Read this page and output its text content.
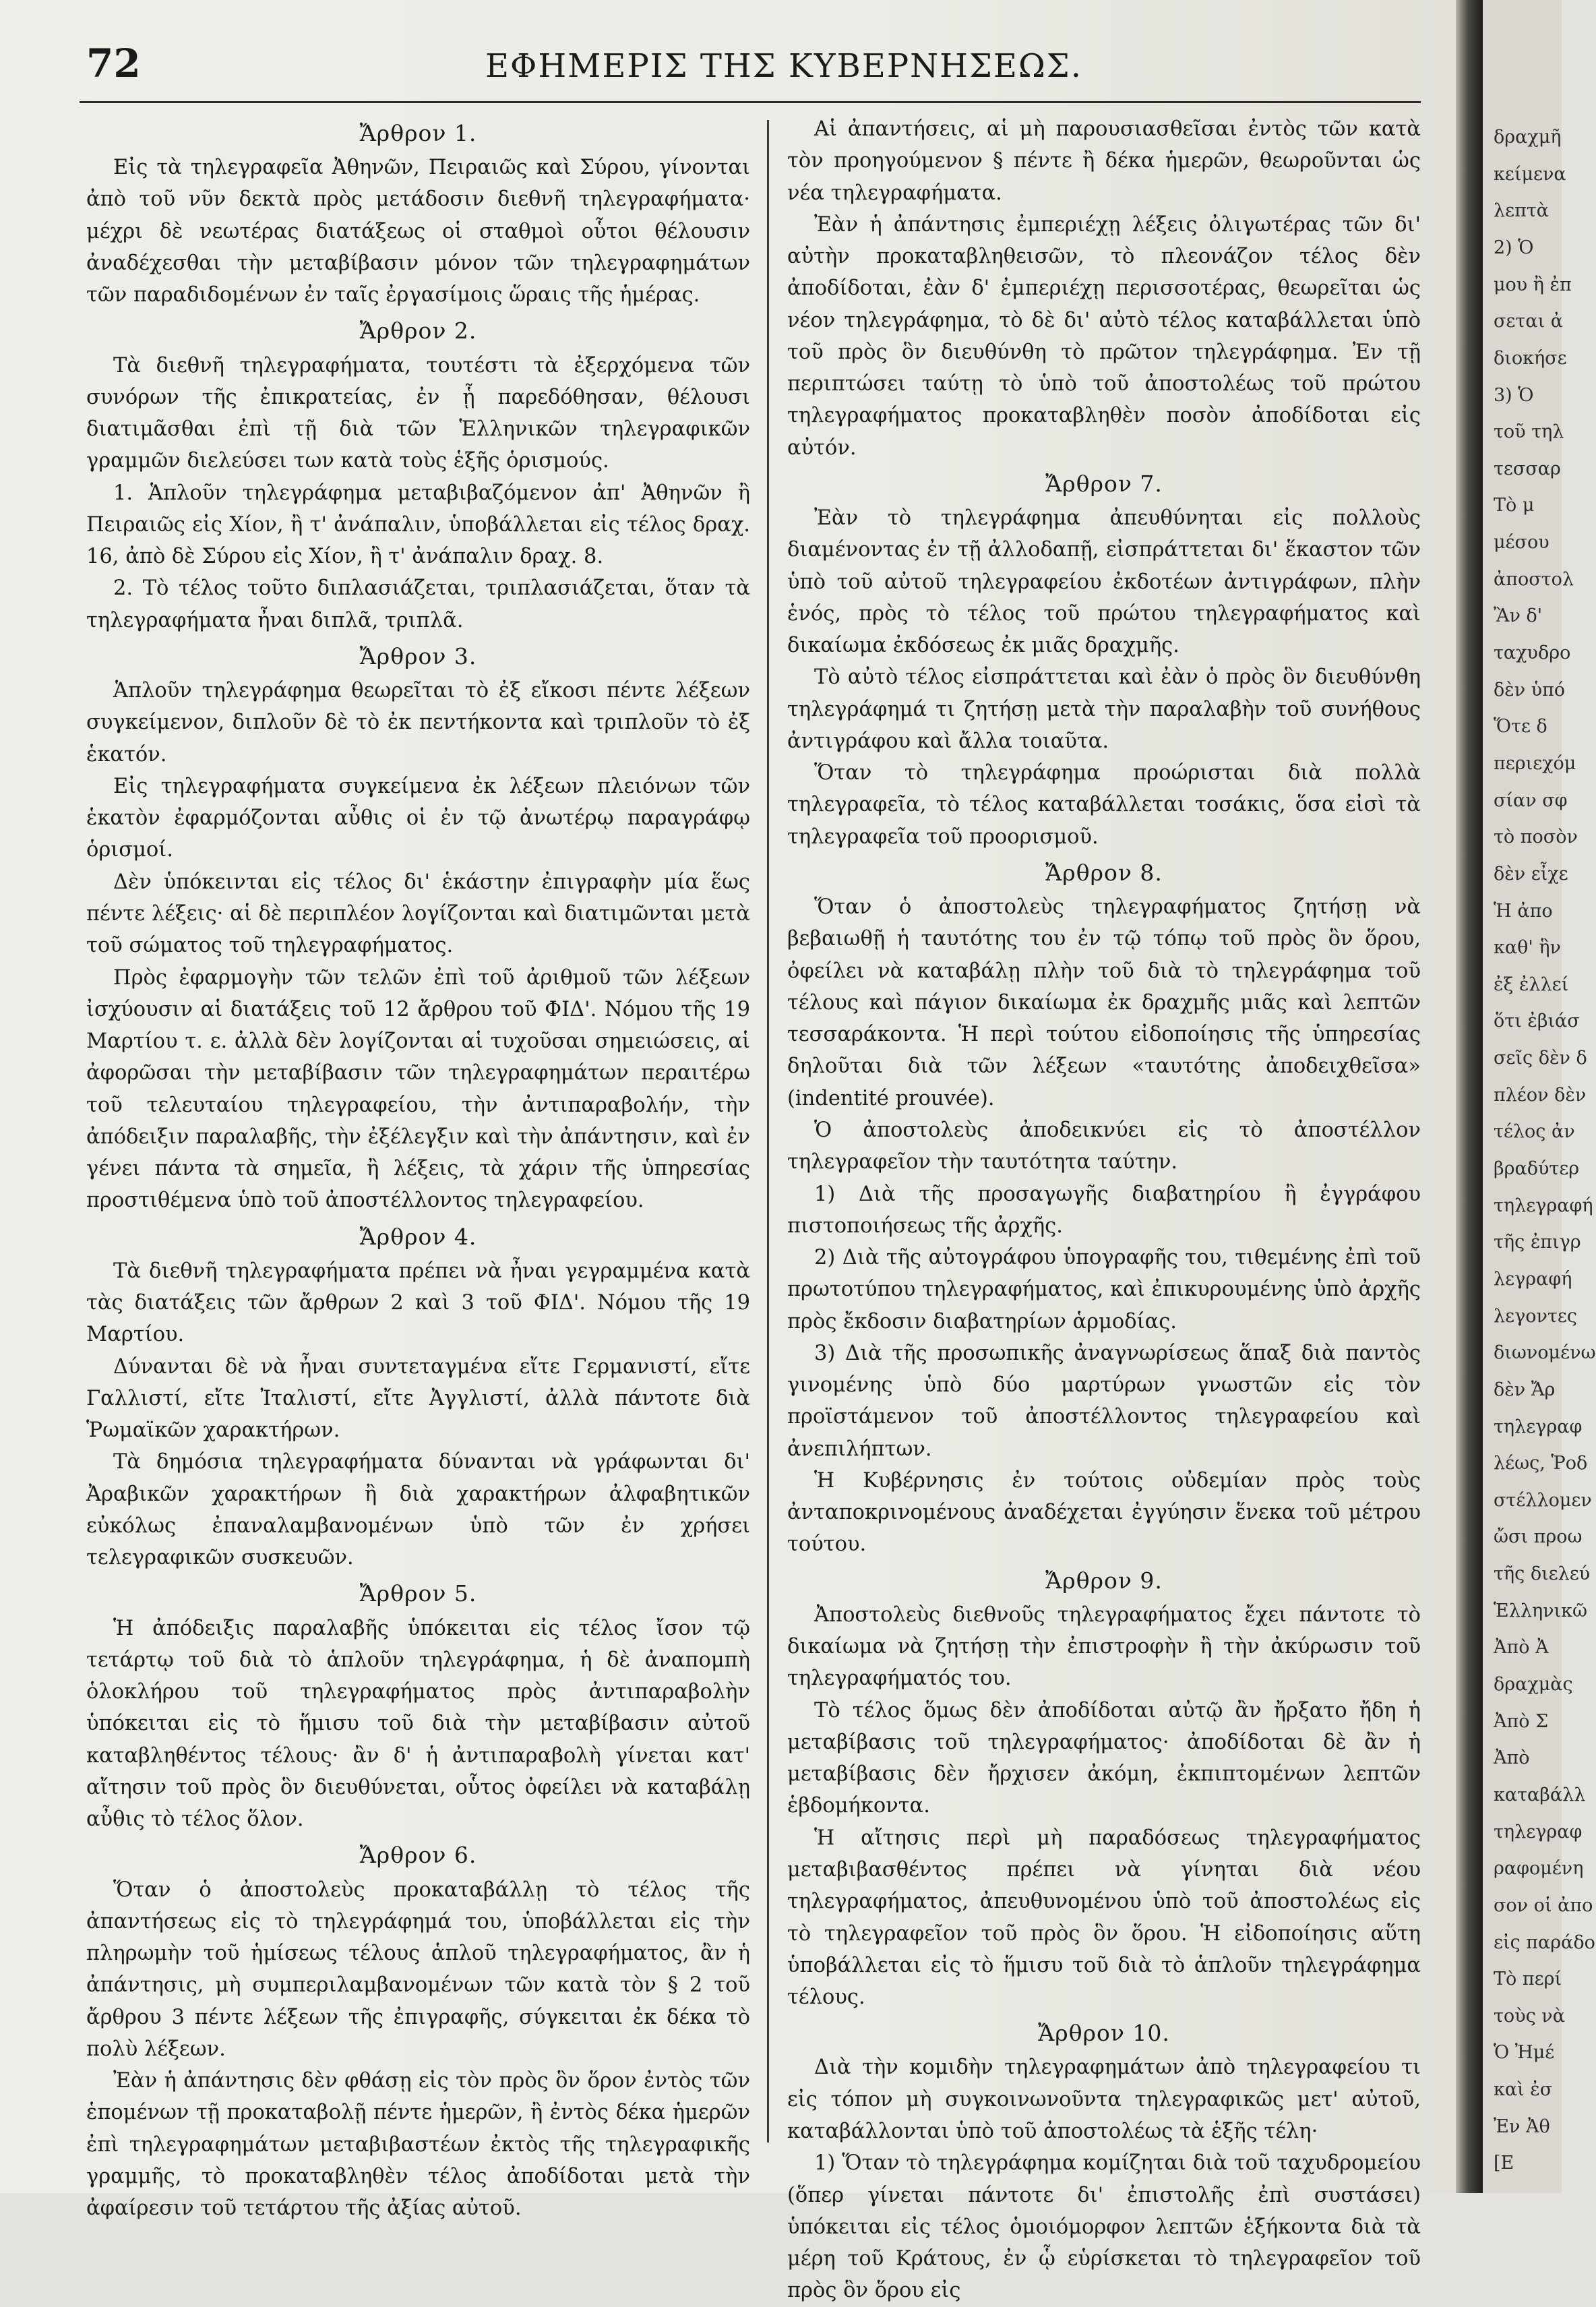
72	ΕΦΗΜΕΡΙΣ ΤΗΣ ΚΥΒΕΡΝΗΣΕΩΣ.
Ἄρθρον 1.

Εἰς τὰ τηλεγραφεῖα Ἀθηνῶν, Πειραιῶς καὶ Σύρου, γίνονται ἀπὸ τοῦ νῦν δεκτὰ πρὸς μετάδοσιν διεθνῆ τηλεγραφήματα· μέχρι δὲ νεωτέρας διατάξεως οἱ σταθμοὶ οὗτοι θέλουσιν ἀναδέχεσθαι τὴν μεταβίβασιν μόνον τῶν τηλεγραφημάτων τῶν παραδιδομένων ἐν ταῖς ἐργασίμοις ὥραις τῆς ἡμέρας.

Ἄρθρον 2.

Τὰ διεθνῆ τηλεγραφήματα, τουτέστι τὰ ἐξερχόμενα τῶν συνόρων τῆς ἐπικρατείας, ἐν ᾗ παρεδόθησαν, θέλουσι διατιμᾶσθαι ἐπὶ τῇ διὰ τῶν Ἑλληνικῶν τηλεγραφικῶν γραμμῶν διελεύσει των κατὰ τοὺς ἑξῆς ὁρισμούς.

1. Ἁπλοῦν τηλεγράφημα μεταβιβαζόμενον ἀπ' Ἀθηνῶν ἢ Πειραιῶς εἰς Χίον, ἢ τ' ἀνάπαλιν, ὑποβάλλεται εἰς τέλος δραχ. 16, ἀπὸ δὲ Σύρου εἰς Χίον, ἢ τ' ἀνάπαλιν δραχ. 8.

2. Τὸ τέλος τοῦτο διπλασιάζεται, τριπλασιάζεται, ὅταν τὰ τηλεγραφήματα ἦναι διπλᾶ, τριπλᾶ.

Ἄρθρον 3.

Ἁπλοῦν τηλεγράφημα θεωρεῖται τὸ ἐξ εἴκοσι πέντε λέξεων συγκείμενον, διπλοῦν δὲ τὸ ἐκ πεντήκοντα καὶ τριπλοῦν τὸ ἐξ ἑκατόν.

Εἰς τηλεγραφήματα συγκείμενα ἐκ λέξεων πλειόνων τῶν ἑκατὸν ἐφαρμόζονται αὖθις οἱ ἐν τῷ ἀνωτέρῳ παραγράφῳ ὁρισμοί.

Δὲν ὑπόκεινται εἰς τέλος δι' ἑκάστην ἐπιγραφὴν μία ἕως πέντε λέξεις· αἱ δὲ περιπλέον λογίζονται καὶ διατιμῶνται μετὰ τοῦ σώματος τοῦ τηλεγραφήματος.

Πρὸς ἐφαρμογὴν τῶν τελῶν ἐπὶ τοῦ ἀριθμοῦ τῶν λέξεων ἰσχύουσιν αἱ διατάξεις τοῦ 12 ἄρθρου τοῦ ΦΙΔ'. Νόμου τῆς 19 Μαρτίου τ. ε. ἀλλὰ δὲν λογίζονται αἱ τυχοῦσαι σημειώσεις, αἱ ἀφορῶσαι τὴν μεταβίβασιν τῶν τηλεγραφημάτων περαιτέρω τοῦ τελευταίου τηλεγραφείου, τὴν ἀντιπαραβολήν, τὴν ἀπόδειξιν παραλαβῆς, τὴν ἐξέλεγξιν καὶ τὴν ἀπάντησιν, καὶ ἐν γένει πάντα τὰ σημεῖα, ἢ λέξεις, τὰ χάριν τῆς ὑπηρεσίας προστιθέμενα ὑπὸ τοῦ ἀποστέλλοντος τηλεγραφείου.

Ἄρθρον 4.

Τὰ διεθνῆ τηλεγραφήματα πρέπει νὰ ἦναι γεγραμμένα κατὰ τὰς διατάξεις τῶν ἄρθρων 2 καὶ 3 τοῦ ΦΙΔ'. Νόμου τῆς 19 Μαρτίου.

Δύνανται δὲ νὰ ἦναι συντεταγμένα εἴτε Γερμανιστί, εἴτε Γαλλιστί, εἴτε Ἰταλιστί, εἴτε Ἀγγλιστί, ἀλλὰ πάντοτε διὰ Ῥωμαϊκῶν χαρακτήρων.

Τὰ δημόσια τηλεγραφήματα δύνανται νὰ γράφωνται δι' Ἀραβικῶν χαρακτήρων ἢ διὰ χαρακτήρων ἀλφαβητικῶν εὐκόλως ἐπαναλαμβανομένων ὑπὸ τῶν ἐν χρήσει τελεγραφικῶν συσκευῶν.

Ἄρθρον 5.

Ἡ ἀπόδειξις παραλαβῆς ὑπόκειται εἰς τέλος ἴσον τῷ τετάρτῳ τοῦ διὰ τὸ ἁπλοῦν τηλεγράφημα, ἡ δὲ ἀναπομπὴ ὁλοκλήρου τοῦ τηλεγραφήματος πρὸς ἀντιπαραβολὴν ὑπόκειται εἰς τὸ ἥμισυ τοῦ διὰ τὴν μεταβίβασιν αὐτοῦ καταβληθέντος τέλους· ἂν δ' ἡ ἀντιπαραβολὴ γίνεται κατ' αἴτησιν τοῦ πρὸς ὃν διευθύνεται, οὗτος ὀφείλει νὰ καταβάλῃ αὖθις τὸ τέλος ὅλον.

Ἄρθρον 6.

Ὅταν ὁ ἀποστολεὺς προκαταβάλλῃ τὸ τέλος τῆς ἀπαντήσεως εἰς τὸ τηλεγράφημά του, ὑποβάλλεται εἰς τὴν πληρωμὴν τοῦ ἡμίσεως τέλους ἁπλοῦ τηλεγραφήματος, ἂν ἡ ἀπάντησις, μὴ συμπεριλαμβανομένων τῶν κατὰ τὸν § 2 τοῦ ἄρθρου 3 πέντε λέξεων τῆς ἐπιγραφῆς, σύγκειται ἐκ δέκα τὸ πολὺ λέξεων.

Ἐὰν ἡ ἀπάντησις δὲν φθάσῃ εἰς τὸν πρὸς ὃν ὅρον ἐντὸς τῶν ἑπομένων τῇ προκαταβολῇ πέντε ἡμερῶν, ἢ ἐντὸς δέκα ἡμερῶν ἐπὶ τηλεγραφημάτων μεταβιβαστέων ἐκτὸς τῆς τηλεγραφικῆς γραμμῆς, τὸ προκαταβληθὲν τέλος ἀποδίδοται μετὰ τὴν ἀφαίρεσιν τοῦ τετάρτου τῆς ἀξίας αὐτοῦ.

Αἱ ἀπαντήσεις, αἱ μὴ παρουσιασθεῖσαι ἐντὸς τῶν κατὰ τὸν προηγούμενον § πέντε ἢ δέκα ἡμερῶν, θεωροῦνται ὡς νέα τηλεγραφήματα.

Ἐὰν ἡ ἀπάντησις ἐμπεριέχῃ λέξεις ὀλιγωτέρας τῶν δι' αὐτὴν προκαταβληθεισῶν, τὸ πλεονάζον τέλος δὲν ἀποδίδοται, ἐὰν δ' ἐμπεριέχῃ περισσοτέρας, θεωρεῖται ὡς νέον τηλεγράφημα, τὸ δὲ δι' αὐτὸ τέλος καταβάλλεται ὑπὸ τοῦ πρὸς ὃν διευθύνθη τὸ πρῶτον τηλεγράφημα. Ἐν τῇ περιπτώσει ταύτῃ τὸ ὑπὸ τοῦ ἀποστολέως τοῦ πρώτου τηλεγραφήματος προκαταβληθὲν ποσὸν ἀποδίδοται εἰς αὐτόν.

Ἄρθρον 7.

Ἐὰν τὸ τηλεγράφημα ἀπευθύνηται εἰς πολλοὺς διαμένοντας ἐν τῇ ἀλλοδαπῇ, εἰσπράττεται δι' ἕκαστον τῶν ὑπὸ τοῦ αὐτοῦ τηλεγραφείου ἐκδοτέων ἀντιγράφων, πλὴν ἑνός, πρὸς τὸ τέλος τοῦ πρώτου τηλεγραφήματος καὶ δικαίωμα ἐκδόσεως ἐκ μιᾶς δραχμῆς.

Τὸ αὐτὸ τέλος εἰσπράττεται καὶ ἐὰν ὁ πρὸς ὃν διευθύνθη τηλεγράφημά τι ζητήσῃ μετὰ τὴν παραλαβὴν τοῦ συνήθους ἀντιγράφου καὶ ἄλλα τοιαῦτα.

Ὅταν τὸ τηλεγράφημα προώρισται διὰ πολλὰ τηλεγραφεῖα, τὸ τέλος καταβάλλεται τοσάκις, ὅσα εἰσὶ τὰ τηλεγραφεῖα τοῦ προορισμοῦ.

Ἄρθρον 8.

Ὅταν ὁ ἀποστολεὺς τηλεγραφήματος ζητήσῃ νὰ βεβαιωθῇ ἡ ταυτότης του ἐν τῷ τόπῳ τοῦ πρὸς ὃν ὅρου, ὀφείλει νὰ καταβάλῃ πλὴν τοῦ διὰ τὸ τηλεγράφημα τοῦ τέλους καὶ πάγιον δικαίωμα ἐκ δραχμῆς μιᾶς καὶ λεπτῶν τεσσαράκοντα. Ἡ περὶ τούτου εἰδοποίησις τῆς ὑπηρεσίας δηλοῦται διὰ τῶν λέξεων «ταυτότης ἀποδειχθεῖσα» (indentité prouvée).

Ὁ ἀποστολεὺς ἀποδεικνύει εἰς τὸ ἀποστέλλον τηλεγραφεῖον τὴν ταυτότητα ταύτην.

1) Διὰ τῆς προσαγωγῆς διαβατηρίου ἢ ἐγγράφου πιστοποιήσεως τῆς ἀρχῆς.

2) Διὰ τῆς αὐτογράφου ὑπογραφῆς του, τιθεμένης ἐπὶ τοῦ πρωτοτύπου τηλεγραφήματος, καὶ ἐπικυρουμένης ὑπὸ ἀρχῆς πρὸς ἔκδοσιν διαβατηρίων ἁρμοδίας.

3) Διὰ τῆς προσωπικῆς ἀναγνωρίσεως ἅπαξ διὰ παντὸς γινομένης ὑπὸ δύο μαρτύρων γνωστῶν εἰς τὸν προϊστάμενον τοῦ ἀποστέλλοντος τηλεγραφείου καὶ ἀνεπιλήπτων.

Ἡ Κυβέρνησις ἐν τούτοις οὐδεμίαν πρὸς τοὺς ἀνταποκρινομένους ἀναδέχεται ἐγγύησιν ἕνεκα τοῦ μέτρου τούτου.

Ἄρθρον 9.

Ἀποστολεὺς διεθνοῦς τηλεγραφήματος ἔχει πάντοτε τὸ δικαίωμα νὰ ζητήσῃ τὴν ἐπιστροφὴν ἢ τὴν ἀκύρωσιν τοῦ τηλεγραφήματός του.

Τὸ τέλος ὅμως δὲν ἀποδίδοται αὐτῷ ἂν ἤρξατο ἤδη ἡ μεταβίβασις τοῦ τηλεγραφήματος· ἀποδίδοται δὲ ἂν ἡ μεταβίβασις δὲν ἤρχισεν ἀκόμη, ἐκπιπτομένων λεπτῶν ἑβδομήκοντα.

Ἡ αἴτησις περὶ μὴ παραδόσεως τηλεγραφήματος μεταβιβασθέντος πρέπει νὰ γίνηται διὰ νέου τηλεγραφήματος, ἀπευθυνομένου ὑπὸ τοῦ ἀποστολέως εἰς τὸ τηλεγραφεῖον τοῦ πρὸς ὃν ὅρου. Ἡ εἰδοποίησις αὕτη ὑποβάλλεται εἰς τὸ ἥμισυ τοῦ διὰ τὸ ἁπλοῦν τηλεγράφημα τέλους.

Ἄρθρον 10.

Διὰ τὴν κομιδὴν τηλεγραφημάτων ἀπὸ τηλεγραφείου τι εἰς τόπον μὴ συγκοινωνοῦντα τηλεγραφικῶς μετ' αὐτοῦ, καταβάλλονται ὑπὸ τοῦ ἀποστολέως τὰ ἑξῆς τέλη·

1) Ὅταν τὸ τηλεγράφημα κομίζηται διὰ τοῦ ταχυδρομείου (ὅπερ γίνεται πάντοτε δι' ἐπιστολῆς ἐπὶ συστάσει) ὑπόκειται εἰς τέλος ὁμοιόμορφον λεπτῶν ἑξήκοντα διὰ τὰ μέρη τοῦ Κράτους, ἐν ᾧ εὑρίσκεται τὸ τηλεγραφεῖον τοῦ πρὸς ὃν ὅρου εἰς

δραχμῆ
κείμενα
λεπτὰ
2) Ὁ
μου ἢ ἐπ
σεται ἀ
διοκήσε
3) Ὁ
τοῦ τηλ
τεσσαρ
Τὸ μ
μέσου
ἀποστολ
Ἂν δ'
ταχυδρο
δὲν ὑπό
Ὅτε δ
περιεχόμ
σίαν σφ
τὸ ποσὸν
δὲν εἶχε
Ἡ ἀπο
καθ' ἣν
ἐξ ἐλλεί
ὅτι ἐβιάσ
σεῖς δὲν δ
πλέον δὲν
τέλος ἀν
βραδύτερ
τηλεγραφή
τῆς ἐπιγρ
λεγραφή
λεγοντες
διωνομένω
δὲν Ἄρ
τηλεγραφ
λέως, Ῥοδ
στέλλομεν
ὤσι προω
τῆς διελεύ
Ἑλληνικῶ
Ἀπὸ Ἀ
δραχμὰς
Ἀπὸ Σ
Ἀπὸ
καταβάλλ
τηλεγραφ
ραφομένη
σον οἱ ἀπο
εἰς παράδο
Τὸ περί
τοὺς νὰ
Ὁ Ἠμέ
καὶ ἐσ
Ἐν Ἀθ
[Ε
